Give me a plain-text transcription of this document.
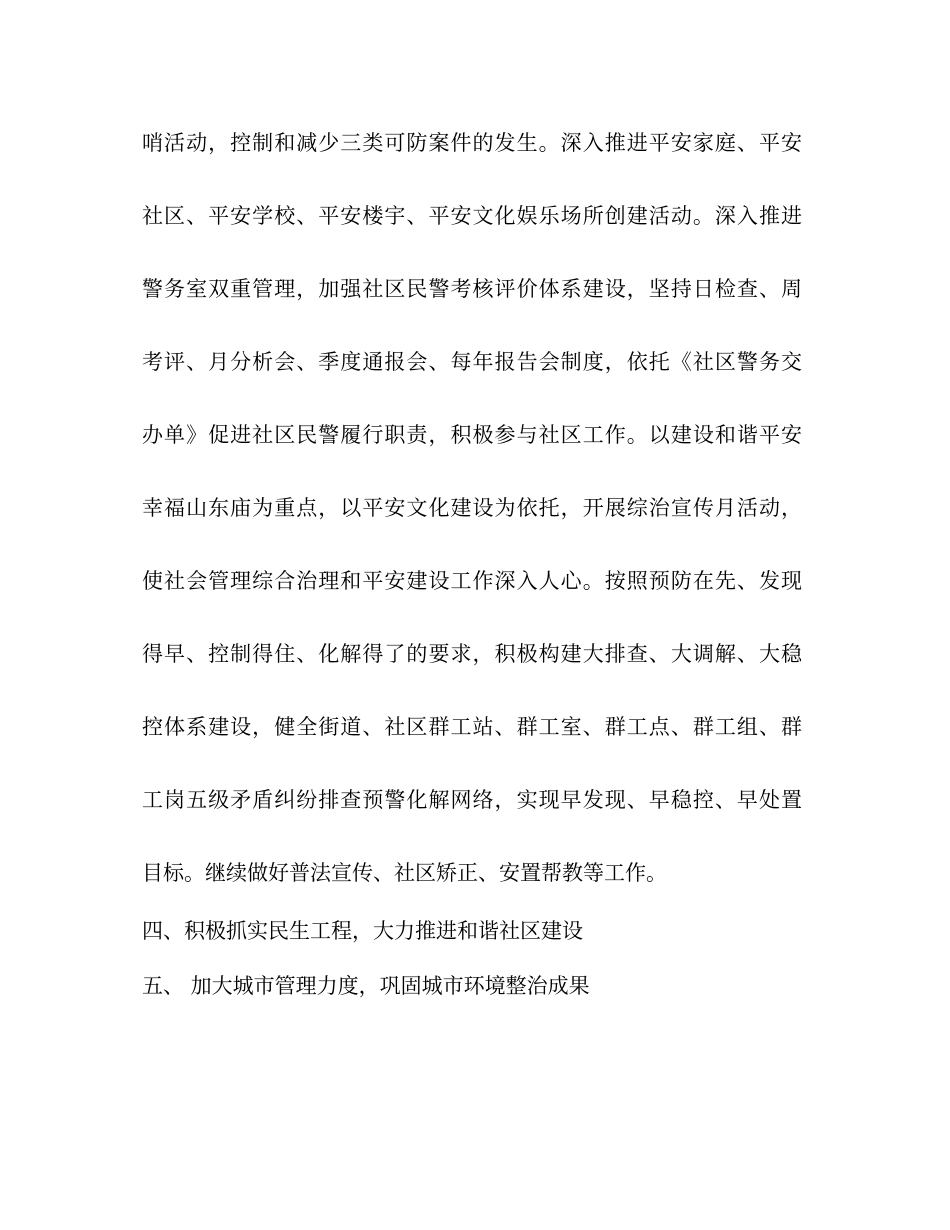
哨活动，控制和减少三类可防案件的发生。深入推进平安家庭、平安
社区、平安学校、平安楼宇、平安文化娱乐场所创建活动。深入推进
警务室双重管理，加强社区民警考核评价体系建设，坚持日检查、周
考评、月分析会、季度通报会、每年报告会制度，依托《社区警务交
办单》促进社区民警履行职责，积极参与社区工作。以建设和谐平安
幸福山东庙为重点，以平安文化建设为依托，开展综治宣传月活动，
使社会管理综合治理和平安建设工作深入人心。按照预防在先、发现
得早、控制得住、化解得了的要求，积极构建大排查、大调解、大稳
控体系建设，健全街道、社区群工站、群工室、群工点、群工组、群
工岗五级矛盾纠纷排查预警化解网络，实现早发现、早稳控、早处置
目标。继续做好普法宣传、社区矫正、安置帮教等工作。

四、积极抓实民生工程，大力推进和谐社区建设

五、 加大城市管理力度，巩固城市环境整治成果
